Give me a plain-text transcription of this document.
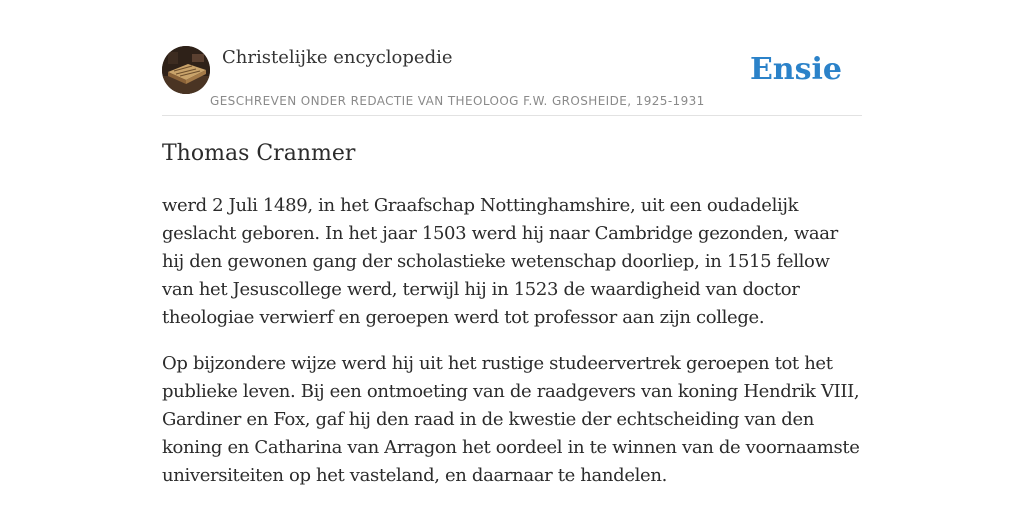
Christelijke encyclopedie
GESCHREVEN ONDER REDACTIE VAN THEOLOOG F.W. GROSHEIDE, 1925-1931
Ensie
Thomas Cranmer

werd 2 Juli 1489, in het Graafschap Nottinghamshire, uit een oudadelijk geslacht geboren. In het jaar 1503 werd hij naar Cambridge gezonden, waar hij den gewonen gang der scholastieke wetenschap doorliep, in 1515 fellow van het Jesuscollege werd, terwijl hij in 1523 de waardigheid van doctor theologiae verwierf en geroepen werd tot professor aan zijn college.

Op bijzondere wijze werd hij uit het rustige studeervertrek geroepen tot het publieke leven. Bij een ontmoeting van de raadgevers van koning Hendrik VIII, Gardiner en Fox, gaf hij den raad in de kwestie der echtscheiding van den koning en Catharina van Arragon het oordeel in te winnen van de voornaamste universiteiten op het vasteland, en daarnaar te handelen.
